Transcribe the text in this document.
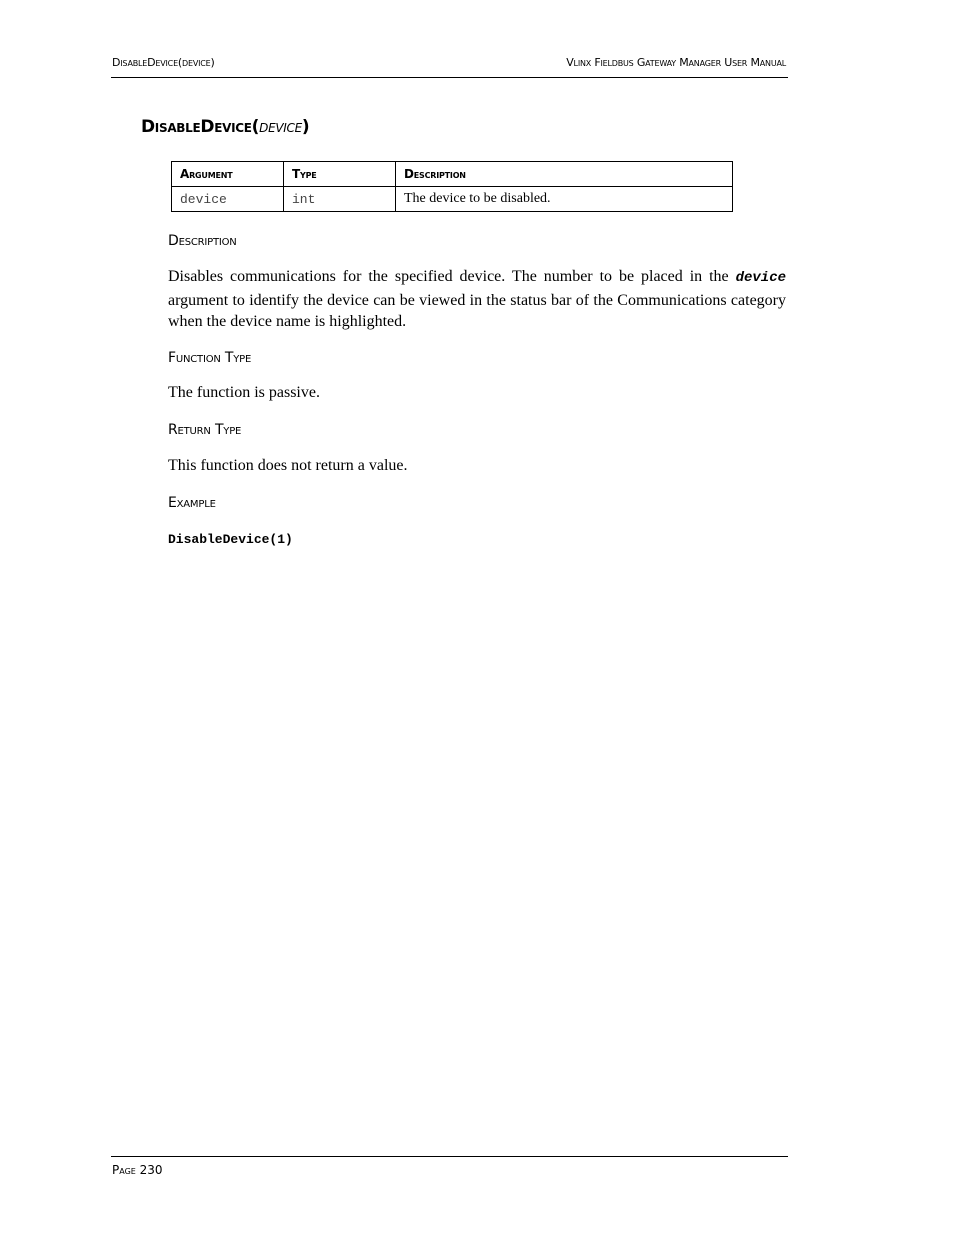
DisableDevice(device)	Vlinx Fieldbus Gateway Manager User Manual
DisableDevice(device)
Argument	Type	Description
device	int	The device to be disabled.
Description
Disables communications for the specified device. The number to be placed in the device argument to identify the device can be viewed in the status bar of the Communications category when the device name is highlighted.
Function Type
The function is passive.
Return Type
This function does not return a value.
Example
DisableDevice(1)
Page 230
